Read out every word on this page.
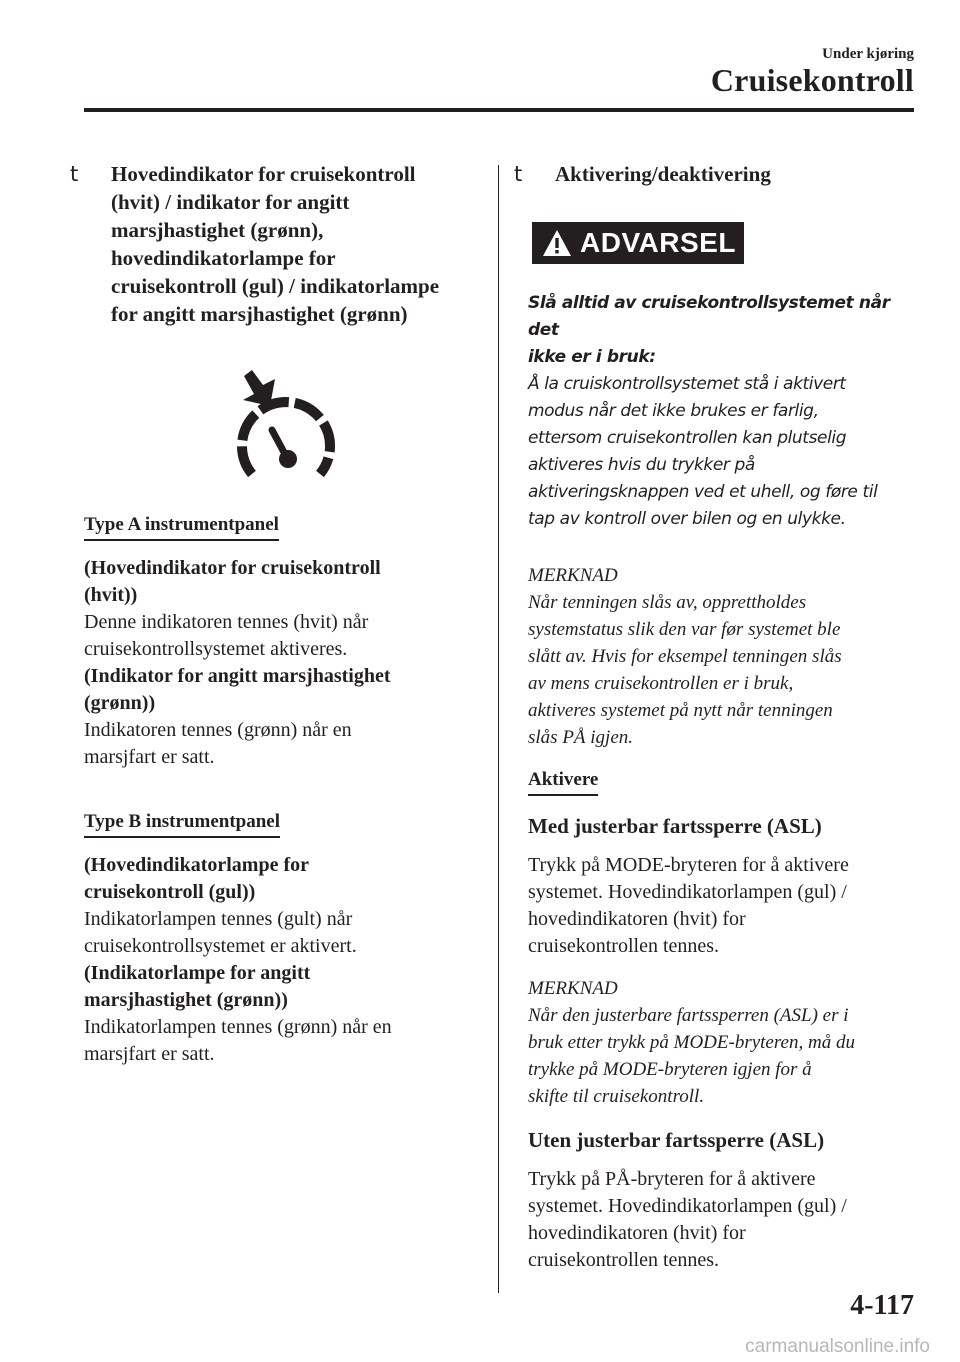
Under kjøring
Cruisekontroll
t Hovedindikator for cruisekontroll
(hvit) / indikator for angitt
marsjhastighet (grønn),
hovedindikatorlampe for
cruisekontroll (gul) / indikatorlampe
for angitt marsjhastighet (grønn)
Type A instrumentpanel
(Hovedindikator for cruisekontroll
(hvit))
Denne indikatoren tennes (hvit) når
cruisekontrollsystemet aktiveres.
(Indikator for angitt marsjhastighet
(grønn))
Indikatoren tennes (grønn) når en
marsjfart er satt.
Type B instrumentpanel
(Hovedindikatorlampe for
cruisekontroll (gul))
Indikatorlampen tennes (gult) når
cruisekontrollsystemet er aktivert.
(Indikatorlampe for angitt
marsjhastighet (grønn))
Indikatorlampen tennes (grønn) når en
marsjfart er satt.
t Aktivering/deaktivering
ADVARSEL
Slå alltid av cruisekontrollsystemet når det
ikke er i bruk:
Å la cruiskontrollsystemet stå i aktivert
modus når det ikke brukes er farlig,
ettersom cruisekontrollen kan plutselig
aktiveres hvis du trykker på
aktiveringsknappen ved et uhell, og føre til
tap av kontroll over bilen og en ulykke.
MERKNAD
Når tenningen slås av, opprettholdes
systemstatus slik den var før systemet ble
slått av. Hvis for eksempel tenningen slås
av mens cruisekontrollen er i bruk,
aktiveres systemet på nytt når tenningen
slås PÅ igjen.
Aktivere
Med justerbar fartssperre (ASL)
Trykk på MODE-bryteren for å aktivere
systemet. Hovedindikatorlampen (gul) /
hovedindikatoren (hvit) for
cruisekontrollen tennes.
MERKNAD
Når den justerbare fartssperren (ASL) er i
bruk etter trykk på MODE-bryteren, må du
trykke på MODE-bryteren igjen for å
skifte til cruisekontroll.
Uten justerbar fartssperre (ASL)
Trykk på PÅ-bryteren for å aktivere
systemet. Hovedindikatorlampen (gul) /
hovedindikatoren (hvit) for
cruisekontrollen tennes.
4-117
carmanualsonline.info
